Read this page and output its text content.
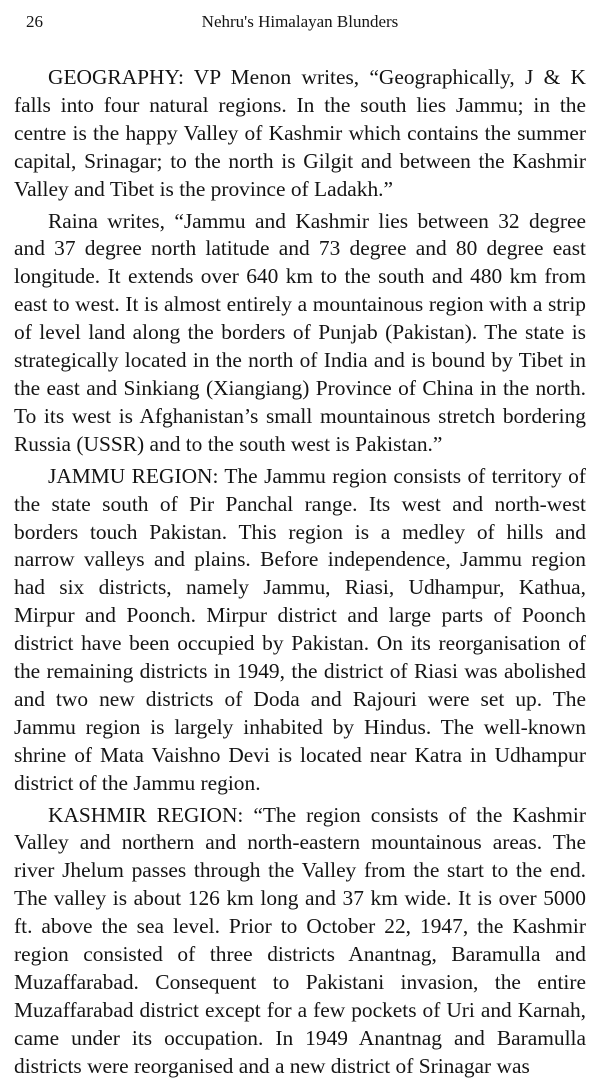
26	Nehru's Himalayan Blunders

GEOGRAPHY: VP Menon writes, “Geographically, J & K falls into four natural regions. In the south lies Jammu; in the centre is the happy Valley of Kashmir which contains the summer capital, Srinagar; to the north is Gilgit and between the Kashmir Valley and Tibet is the province of Ladakh.”

Raina writes, “Jammu and Kashmir lies between 32 degree and 37 degree north latitude and 73 degree and 80 degree east longitude. It extends over 640 km to the south and 480 km from east to west. It is almost entirely a mountainous region with a strip of level land along the borders of Punjab (Pakistan). The state is strategically located in the north of India and is bound by Tibet in the east and Sinkiang (Xiangiang) Province of China in the north. To its west is Afghanistan’s small mountainous stretch bordering Russia (USSR) and to the south west is Pakistan.”

JAMMU REGION: The Jammu region consists of territory of the state south of Pir Panchal range. Its west and north-west borders touch Pakistan. This region is a medley of hills and narrow valleys and plains. Before independence, Jammu region had six districts, namely Jammu, Riasi, Udhampur, Kathua, Mirpur and Poonch. Mirpur district and large parts of Poonch district have been occupied by Pakistan. On its reorganisation of the remaining districts in 1949, the district of Riasi was abolished and two new districts of Doda and Rajouri were set up. The Jammu region is largely inhabited by Hindus. The well-known shrine of Mata Vaishno Devi is located near Katra in Udhampur district of the Jammu region.

KASHMIR REGION: “The region consists of the Kashmir Valley and northern and north-eastern mountainous areas. The river Jhelum passes through the Valley from the start to the end. The valley is about 126 km long and 37 km wide. It is over 5000 ft. above the sea level. Prior to October 22, 1947, the Kashmir region consisted of three districts Anantnag, Baramulla and Muzaffarabad. Consequent to Pakistani invasion, the entire Muzaffarabad district except for a few pockets of Uri and Karnah, came under its occupation. In 1949 Anantnag and Baramulla districts were reorganised and a new district of Srinagar was
